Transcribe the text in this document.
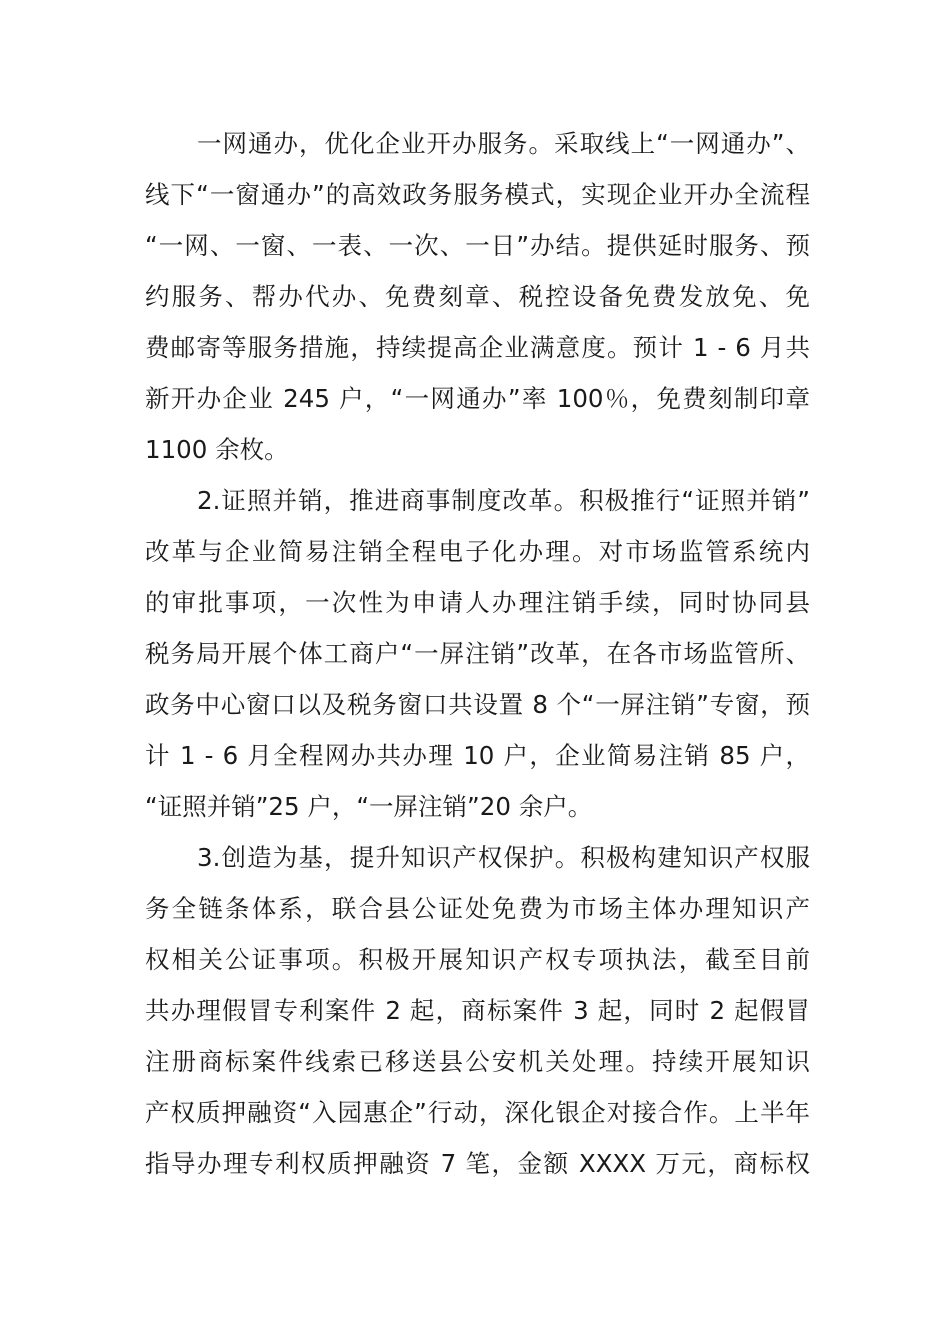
一网通办，优化企业开办服务。采取线上“一网通办”、
线下“一窗通办”的高效政务服务模式，实现企业开办全流程
“一网、一窗、一表、一次、一日”办结。提供延时服务、预
约服务、帮办代办、免费刻章、税控设备免费发放免、免
费邮寄等服务措施，持续提高企业满意度。预计 1 - 6 月共
新开办企业 245 户，“一网通办”率 100％，免费刻制印章
1100 余枚。
2.证照并销，推进商事制度改革。积极推行“证照并销”
改革与企业简易注销全程电子化办理。对市场监管系统内
的审批事项，一次性为申请人办理注销手续，同时协同县
税务局开展个体工商户“一屏注销”改革，在各市场监管所、
政务中心窗口以及税务窗口共设置 8 个“一屏注销”专窗，预
计 1 - 6 月全程网办共办理 10 户，企业简易注销 85 户，
“证照并销”25 户，“一屏注销”20 余户。
3.创造为基，提升知识产权保护。积极构建知识产权服
务全链条体系，联合县公证处免费为市场主体办理知识产
权相关公证事项。积极开展知识产权专项执法，截至目前
共办理假冒专利案件 2 起，商标案件 3 起，同时 2 起假冒
注册商标案件线索已移送县公安机关处理。持续开展知识
产权质押融资“入园惠企”行动，深化银企对接合作。上半年
指导办理专利权质押融资 7 笔，金额 XXXX 万元，商标权
